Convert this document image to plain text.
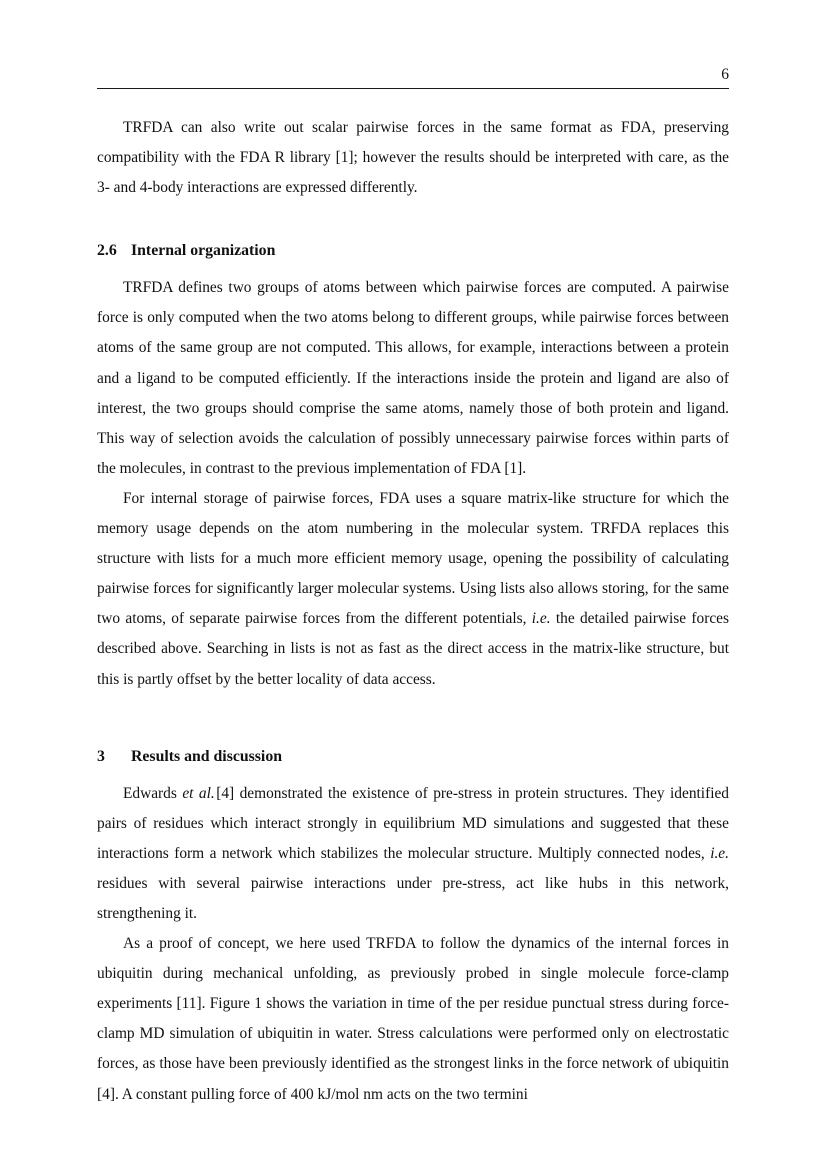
6

TRFDA can also write out scalar pairwise forces in the same format as FDA, preserving compatibility with the FDA R library [1]; however the results should be interpreted with care, as the 3- and 4-body interactions are expressed differently.

2.6 Internal organization

TRFDA defines two groups of atoms between which pairwise forces are computed. A pairwise force is only computed when the two atoms belong to different groups, while pairwise forces between atoms of the same group are not computed. This allows, for example, interactions between a protein and a ligand to be computed efficiently. If the interactions inside the protein and ligand are also of interest, the two groups should comprise the same atoms, namely those of both protein and ligand. This way of selection avoids the calculation of possibly unnecessary pairwise forces within parts of the molecules, in contrast to the previous implementation of FDA [1].

For internal storage of pairwise forces, FDA uses a square matrix-like structure for which the memory usage depends on the atom numbering in the molecular system. TRFDA replaces this structure with lists for a much more efficient memory usage, opening the possibility of calculating pairwise forces for significantly larger molecular systems. Using lists also allows storing, for the same two atoms, of separate pairwise forces from the different potentials, i.e. the detailed pairwise forces described above. Searching in lists is not as fast as the direct access in the matrix-like structure, but this is partly offset by the better locality of data access.

3 Results and discussion

Edwards et al.[4] demonstrated the existence of pre-stress in protein structures. They identified pairs of residues which interact strongly in equilibrium MD simulations and suggested that these interactions form a network which stabilizes the molecular structure. Multiply connected nodes, i.e. residues with several pairwise interactions under pre-stress, act like hubs in this network, strengthening it.

As a proof of concept, we here used TRFDA to follow the dynamics of the internal forces in ubiquitin during mechanical unfolding, as previously probed in single molecule force-clamp experiments [11]. Figure 1 shows the variation in time of the per residue punctual stress during force-clamp MD simulation of ubiquitin in water. Stress calculations were performed only on electrostatic forces, as those have been previously identified as the strongest links in the force network of ubiquitin [4]. A constant pulling force of 400 kJ/mol nm acts on the two termini
